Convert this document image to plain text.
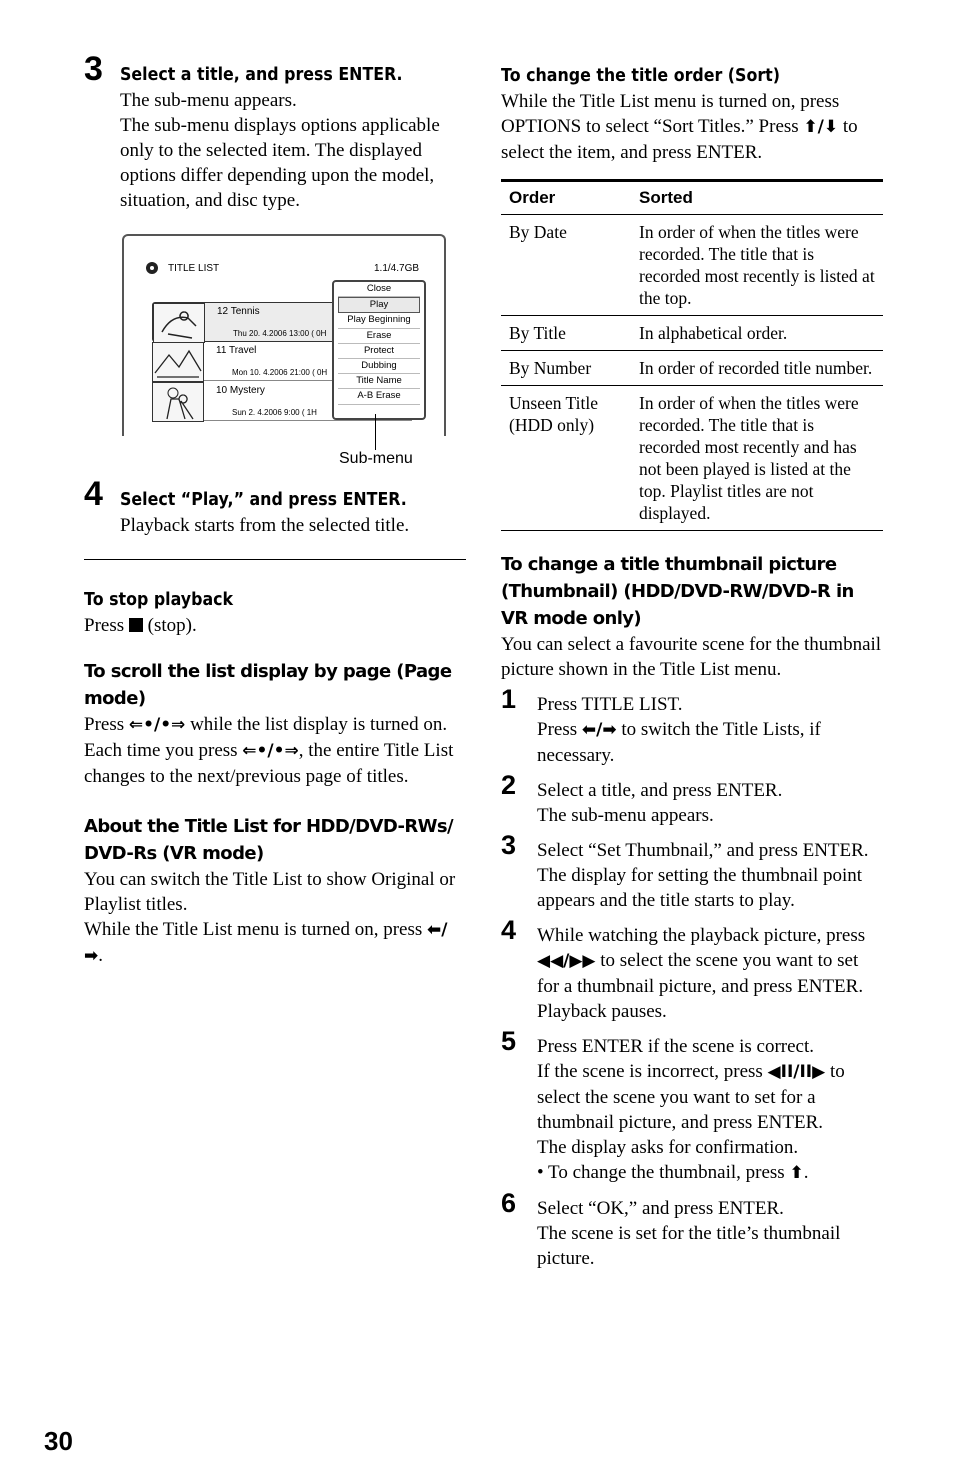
3 Select a title, and press ENTER.
The sub-menu appears.
The sub-menu displays options applicable only to the selected item. The displayed options differ depending upon the model, situation, and disc type.
TITLE LIST	1.1/4.7GB
12 Tennis
Thu 20. 4.2006 13:00 ( 0H
11 Travel
Mon 10. 4.2006 21:00 ( 0H
10 Mystery
Sun 2. 4.2006 9:00 ( 1H
Close
Play
Play Beginning
Erase
Protect
Dubbing
Title Name
A-B Erase
Sub-menu
4 Select “Play,” and press ENTER.
Playback starts from the selected title.
To stop playback
Press  (stop).
To scroll the list display by page (Page mode)
Press ⇐•/•⇒ while the list display is turned on. Each time you press ⇐•/•⇒, the entire Title List changes to the next/previous page of titles.
About the Title List for HDD/DVD-RWs/ DVD-Rs (VR mode)
You can switch the Title List to show Original or Playlist titles.
While the Title List menu is turned on, press ⬅/➡.
To change the title order (Sort)
While the Title List menu is turned on, press OPTIONS to select “Sort Titles.” Press ⬆/⬇ to select the item, and press ENTER.
Order	Sorted
By Date	In order of when the titles were recorded. The title that is recorded most recently is listed at the top.
By Title	In alphabetical order.
By Number	In order of recorded title number.
Unseen Title (HDD only)	In order of when the titles were recorded. The title that is recorded most recently and has not been played is listed at the top. Playlist titles are not displayed.
To change a title thumbnail picture (Thumbnail) (HDD/DVD-RW/DVD-R in VR mode only)
You can select a favourite scene for the thumbnail picture shown in the Title List menu.
1 Press TITLE LIST.
Press ⬅/➡ to switch the Title Lists, if necessary.
2 Select a title, and press ENTER.
The sub-menu appears.
3 Select “Set Thumbnail,” and press ENTER.
The display for setting the thumbnail point appears and the title starts to play.
4 While watching the playback picture, press ◀◀/▶▶ to select the scene you want to set for a thumbnail picture, and press ENTER.
Playback pauses.
5 Press ENTER if the scene is correct.
If the scene is incorrect, press ◀II/II▶ to select the scene you want to set for a thumbnail picture, and press ENTER.
The display asks for confirmation.
• To change the thumbnail, press ⬆.
6 Select “OK,” and press ENTER.
The scene is set for the title’s thumbnail picture.
30
